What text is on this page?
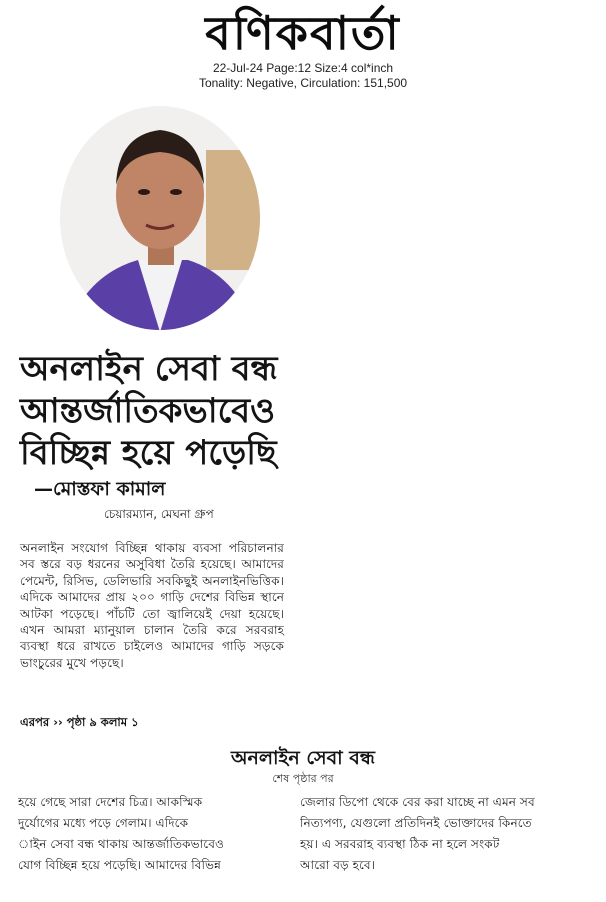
বণিকবার্তা
22-Jul-24 Page:12 Size:4 col*inch
Tonality: Negative, Circulation: 151,500
অনলাইন সেবা বন্ধ
আন্তর্জাতিকভাবেও
বিচ্ছিন্ন হয়ে পড়েছি
—মোস্তফা কামাল
চেয়ারম্যান, মেঘনা গ্রুপ
অনলাইন সংযোগ বিচ্ছিন্ন থাকায় ব্যবসা পরিচালনার সব স্তরে বড় ধরনের অসুবিধা তৈরি হয়েছে। আমাদের পেমেন্ট, রিসিভ, ডেলিভারি সবকিছুই অনলাইনভিত্তিক। এদিকে আমাদের প্রায় ২০০ গাড়ি দেশের বিভিন্ন স্থানে আটকা পড়েছে। পাঁচটি তো জ্বালিয়েই দেয়া হয়েছে। এখন আমরা ম্যানুয়াল চালান তৈরি করে সরবরাহ ব্যবস্থা ধরে রাখতে চাইলেও আমাদের গাড়ি সড়কে ভাংচুরের মুখে পড়ছে।
এরপর ›› পৃষ্ঠা ৯ কলাম ১
অনলাইন সেবা বন্ধ
শেষ পৃষ্ঠার পর
হয়ে গেছে সারা দেশের চিত্র। আকস্মিক
দুর্যোগের মধ্যে পড়ে গেলাম। এদিকে
াইন সেবা বন্ধ থাকায় আন্তর্জাতিকভাবেও
যোগ বিচ্ছিন্ন হয়ে পড়েছি। আমাদের বিভিন্ন
জেলার ডিপো থেকে বের করা যাচ্ছে না এমন সব
নিত্যপণ্য, যেগুলো প্রতিদিনই ভোক্তাদের কিনতে
হয়। এ সরবরাহ ব্যবস্থা ঠিক না হলে সংকট
আরো বড় হবে।
